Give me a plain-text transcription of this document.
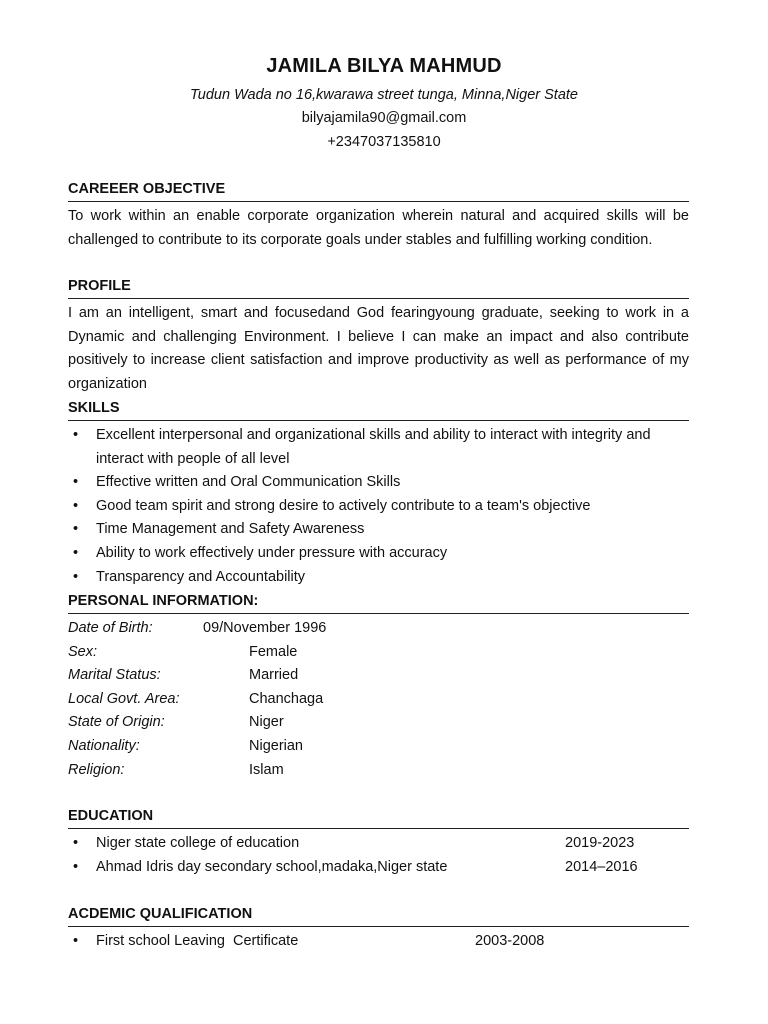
JAMILA BILYA MAHMUD
Tudun Wada no 16,kwarawa street tunga, Minna,Niger State
bilyajamila90@gmail.com
+2347037135810
CAREEER OBJECTIVE
To work within an enable corporate organization wherein natural and acquired skills will be challenged to contribute to its corporate goals under stables and fulfilling working condition.
PROFILE
I am an intelligent, smart and focusedand God fearingyoung graduate, seeking to work in a Dynamic and challenging Environment. I believe I can make an impact and also contribute positively to increase client satisfaction and improve productivity as well as performance of my organization
SKILLS
• Excellent interpersonal and organizational skills and ability to interact with integrity and interact with people of all level
• Effective written and Oral Communication Skills
• Good team spirit and strong desire to actively contribute to a team's objective
• Time Management and Safety Awareness
• Ability to work effectively under pressure with accuracy
• Transparency and Accountability
PERSONAL INFORMATION:
Date of Birth:	09/November 1996
Sex:	Female
Marital Status:	Married
Local Govt. Area:	Chanchaga
State of Origin:	Niger
Nationality:	Nigerian
Religion:	Islam
EDUCATION
• Niger state college of education	2019-2023
• Ahmad Idris day secondary school,madaka,Niger state	2014–2016
ACDEMIC QUALIFICATION
• First school Leaving  Certificate	2003-2008
